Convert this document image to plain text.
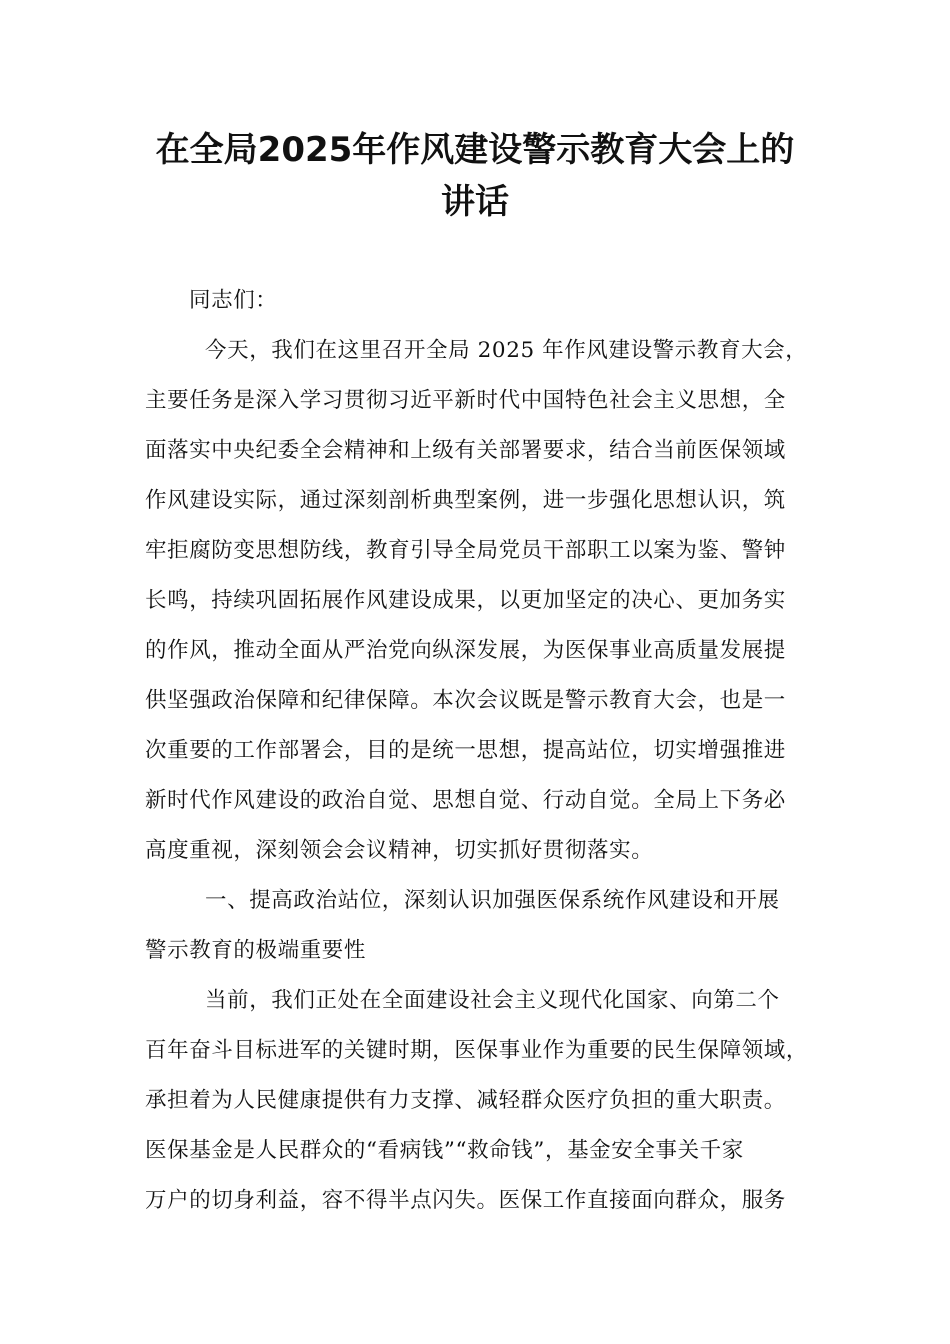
在全局2025年作风建设警示教育大会上的
讲话
同志们：
今天，我们在这里召开全局 2025 年作风建设警示教育大会，
主要任务是深入学习贯彻习近平新时代中国特色社会主义思想，全
面落实中央纪委全会精神和上级有关部署要求，结合当前医保领域
作风建设实际，通过深刻剖析典型案例，进一步强化思想认识，筑
牢拒腐防变思想防线，教育引导全局党员干部职工以案为鉴、警钟
长鸣，持续巩固拓展作风建设成果，以更加坚定的决心、更加务实
的作风，推动全面从严治党向纵深发展，为医保事业高质量发展提
供坚强政治保障和纪律保障。本次会议既是警示教育大会，也是一
次重要的工作部署会，目的是统一思想，提高站位，切实增强推进
新时代作风建设的政治自觉、思想自觉、行动自觉。全局上下务必
高度重视，深刻领会会议精神，切实抓好贯彻落实。
一、提高政治站位，深刻认识加强医保系统作风建设和开展
警示教育的极端重要性
当前，我们正处在全面建设社会主义现代化国家、向第二个
百年奋斗目标进军的关键时期，医保事业作为重要的民生保障领域，
承担着为人民健康提供有力支撑、减轻群众医疗负担的重大职责。
医保基金是人民群众的“看病钱”“救命钱”，基金安全事关千家
万户的切身利益，容不得半点闪失。医保工作直接面向群众，服务
